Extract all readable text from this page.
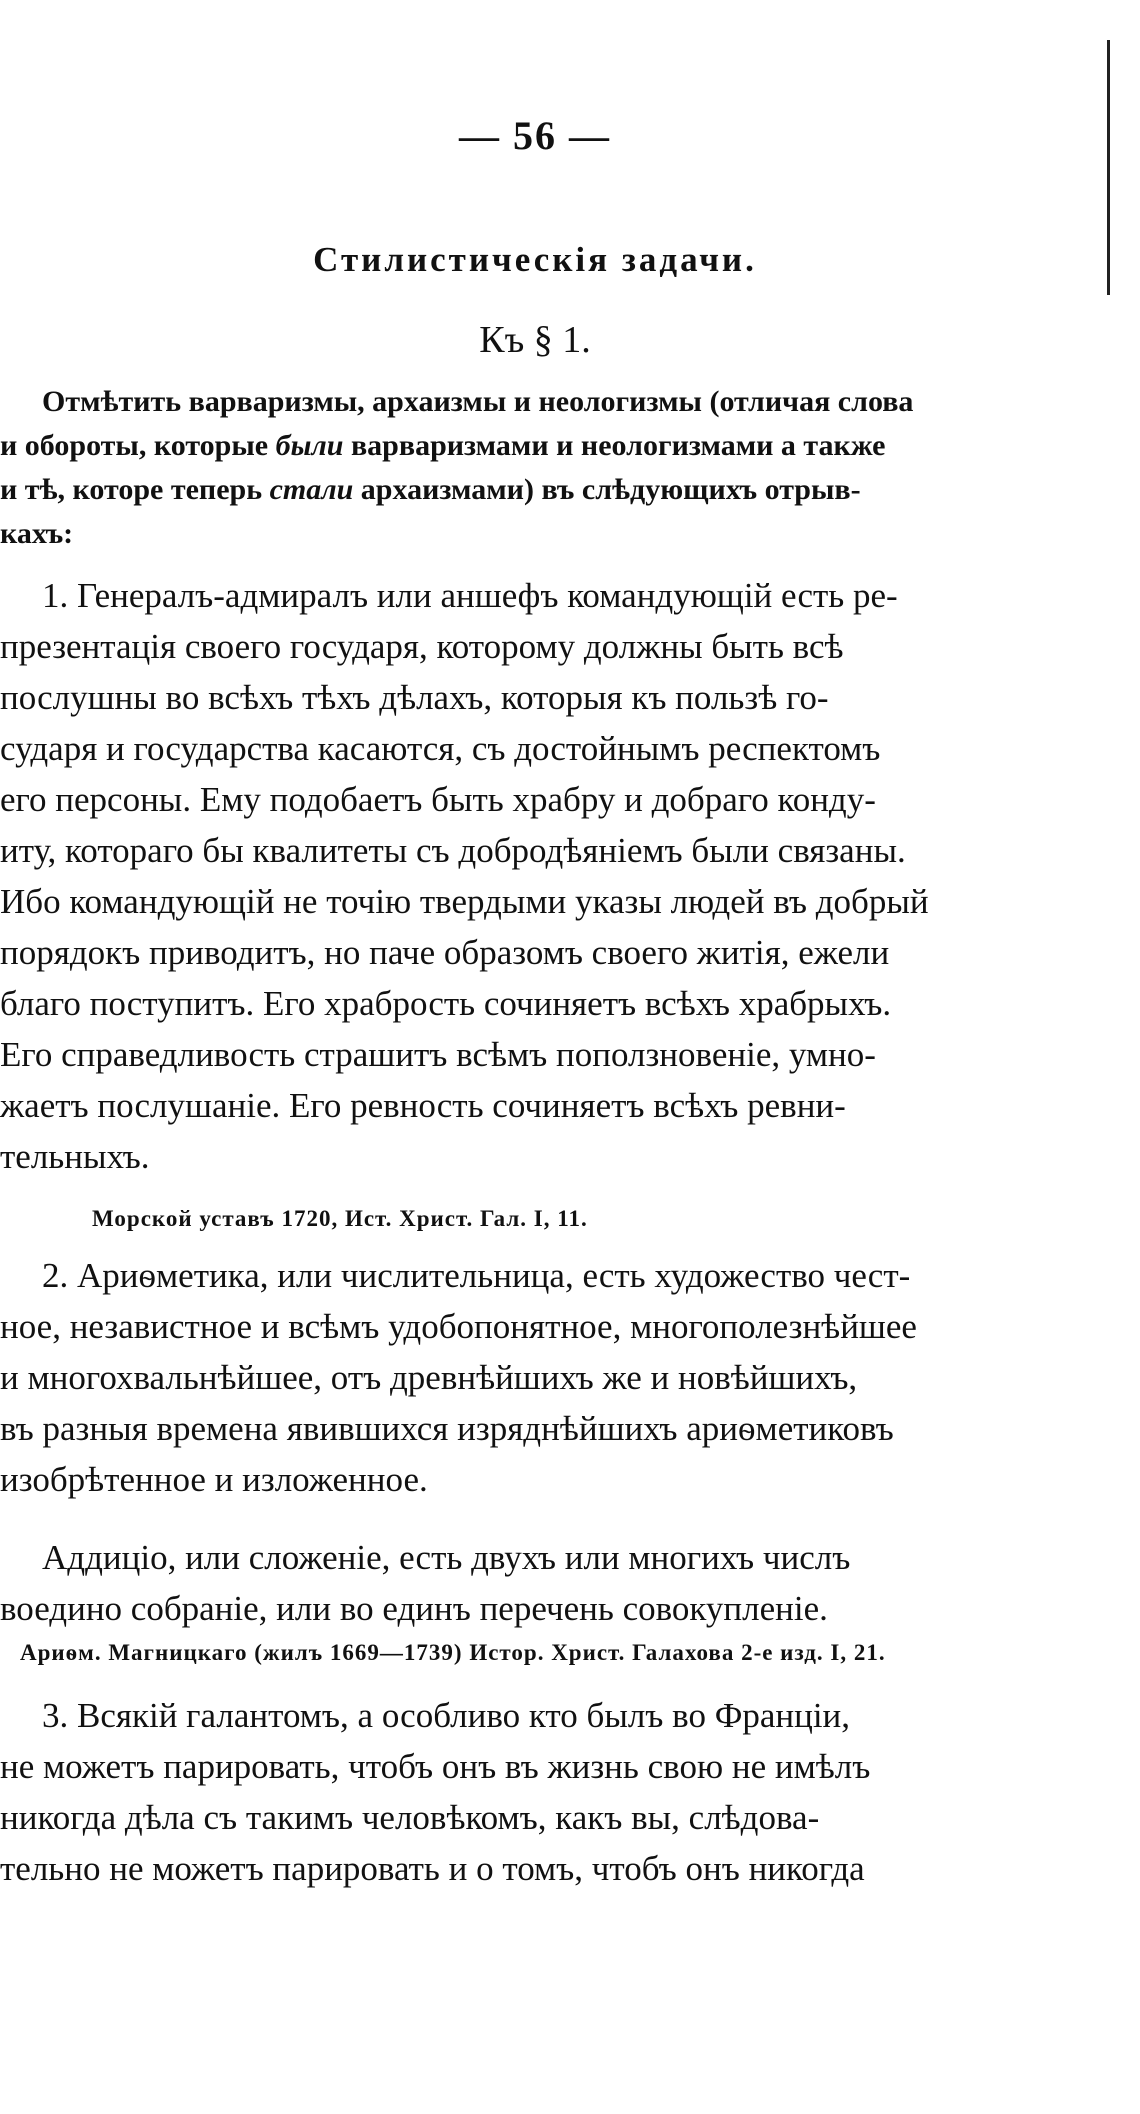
— 56 —
Стилистическія задачи.
Къ § 1.
Отмѣтить варваризмы, архаизмы и неологизмы (отличая слова
и обороты, которые были варваризмами и неологизмами а также
и тѣ, которе теперь стали архаизмами) въ слѣдующихъ отрыв-
кахъ:
1. Генералъ-адмиралъ или аншефъ командующій есть ре-
презентація своего государя, которому должны быть всѣ
послушны во всѣхъ тѣхъ дѣлахъ, которыя къ пользѣ го-
сударя и государства касаются, съ достойнымъ респектомъ
его персоны. Ему подобаетъ быть храбру и добраго конду-
иту, котораго бы квалитеты съ добродѣяніемъ были связаны.
Ибо командующій не точію твердыми указы людей въ добрый
порядокъ приводитъ, но паче образомъ своего житія, ежели
благо поступитъ. Его храбрость сочиняетъ всѣхъ храбрыхъ.
Его справедливость страшитъ всѣмъ поползновеніе, умно-
жаетъ послушаніе. Его ревность сочиняетъ всѣхъ ревни-
тельныхъ.
Морской уставъ 1720, Ист. Христ. Гал. I, 11.
2. Ариѳметика, или числительница, есть художество чест-
ное, независтное и всѣмъ удобопонятное, многополезнѣйшее
и многохвальнѣйшее, отъ древнѣйшихъ же и новѣйшихъ,
въ разныя времена явившихся изряднѣйшихъ ариѳметиковъ
изобрѣтенное и изложенное.
Аддиціо, или сложеніе, есть двухъ или многихъ числъ
воедино собраніе, или во единъ перечень совокупленіе.
Ариѳм. Магницкаго (жилъ 1669—1739) Истор. Христ. Галахова 2-е изд. I, 21.
3. Всякій галантомъ, а особливо кто былъ во Франціи,
не можетъ парировать, чтобъ онъ въ жизнь свою не имѣлъ
никогда дѣла съ такимъ человѣкомъ, какъ вы, слѣдова-
тельно не можетъ парировать и о томъ, чтобъ онъ никогда
